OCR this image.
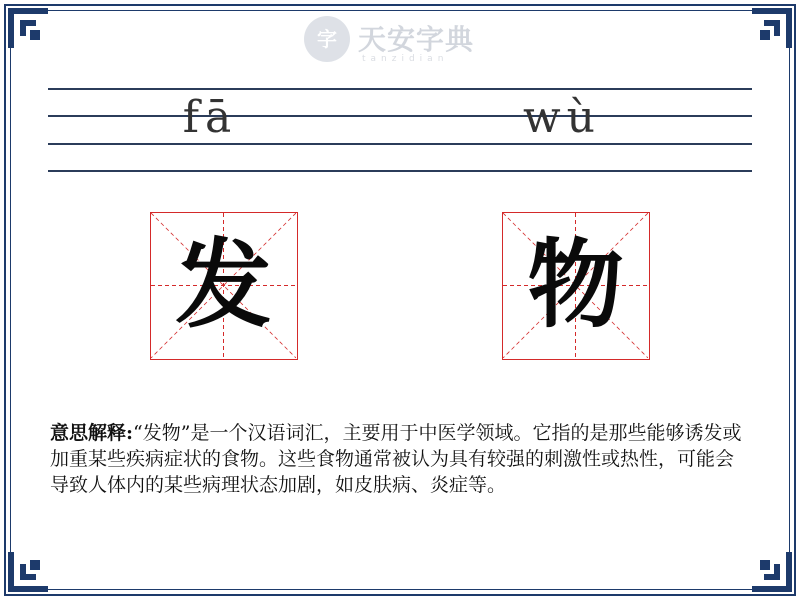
字 天安字典
tanzidian
fā	wù
发	物
意思解释:“发物”是一个汉语词汇，主要用于中医学领域。它指的是那些能够诱发或加重某些疾病症状的食物。这些食物通常被认为具有较强的刺激性或热性，可能会导致人体内的某些病理状态加剧，如皮肤病、炎症等。
